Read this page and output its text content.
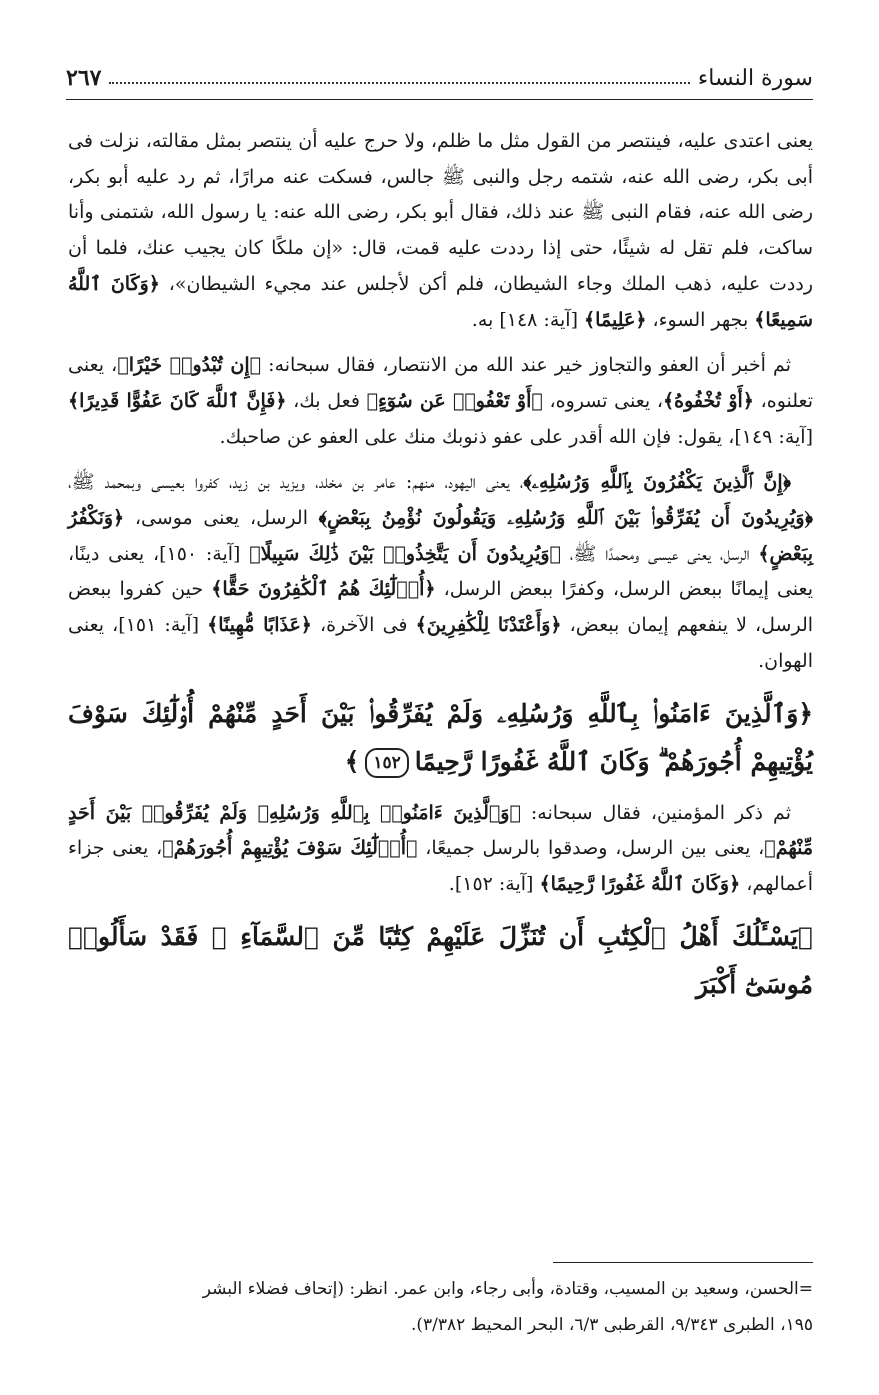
سورة النساء
٢٦٧

يعنى اعتدى عليه، فينتصر من القول مثل ما ظلم، ولا حرج عليه أن ينتصر بمثل مقالته، نزلت فى أبى بكر، رضى الله عنه، شتمه رجل والنبى ﷺ جالس، فسكت عنه مرارًا، ثم رد عليه أبو بكر، رضى الله عنه، فقام النبى ﷺ عند ذلك، فقال أبو بكر، رضى الله عنه: يا رسول الله، شتمنى وأنا ساكت، فلم تقل له شيئًا، حتى إذا رددت عليه قمت، قال: «إن ملكًا كان يجيب عنك، فلما أن رددت عليه، ذهب الملك وجاء الشيطان، فلم أكن لأجلس عند مجيء الشيطان»، ﴿وَكَانَ ٱللَّهُ سَمِيعًا﴾ بجهر السوء، ﴿عَلِيمًا﴾ [آية: ١٤٨] به.

ثم أخبر أن العفو والتجاوز خير عند الله من الانتصار، فقال سبحانه: ﴿إِن تُبْدُوا۟ خَيْرًا﴾، يعنى تعلنوه، ﴿أَوْ تُخْفُوهُ﴾، يعنى تسروه، ﴿أَوْ تَعْفُوا۟ عَن سُوٓءٍ﴾ فعل بك، ﴿فَإِنَّ ٱللَّهَ كَانَ عَفُوًّا قَدِيرًا﴾ [آية: ١٤٩]، يقول: فإن الله أقدر على عفو ذنوبك منك على العفو عن صاحبك.

﴿إِنَّ ٱلَّذِينَ يَكْفُرُونَ بِٱللَّهِ وَرُسُلِهِۦ﴾، يعنى اليهود، منهم: عامر بن مخلد، ويزيد بن زيد، كفروا بعيسى وبمحمد ﷺ، ﴿وَيُرِيدُونَ أَن يُفَرِّقُوا۟ بَيْنَ ٱللَّهِ وَرُسُلِهِۦ وَيَقُولُونَ نُؤْمِنُ بِبَعْضٍ﴾ الرسل، يعنى موسى، ﴿وَنَكْفُرُ بِبَعْضٍ﴾ الرسل، يعنى عيسى ومحمدًا ﷺ، ﴿وَيُرِيدُونَ أَن يَتَّخِذُوا۟ بَيْنَ ذَٰلِكَ سَبِيلًا﴾ [آية: ١٥٠]، يعنى دينًا، يعنى إيمانًا ببعض الرسل، وكفرًا ببعض الرسل، ﴿أُو۟لَٰٓئِكَ هُمُ ٱلْكَٰفِرُونَ حَقًّا﴾ حين كفروا ببعض الرسل، لا ينفعهم إيمان ببعض، ﴿وَأَعْتَدْنَا لِلْكَٰفِرِينَ﴾ فى الآخرة، ﴿عَذَابًا مُّهِينًا﴾ [آية: ١٥١]، يعنى الهوان.

﴿وَٱلَّذِينَ ءَامَنُوا۟ بِٱللَّهِ وَرُسُلِهِۦ وَلَمْ يُفَرِّقُوا۟ بَيْنَ أَحَدٍ مِّنْهُمْ أُو۟لَٰٓئِكَ سَوْفَ يُؤْتِيهِمْ أُجُورَهُمْ ۗ وَكَانَ ٱللَّهُ غَفُورًا رَّحِيمًا١٥٢﴾

ثم ذكر المؤمنين، فقال سبحانه: ﴿وَٱلَّذِينَ ءَامَنُوا۟ بِٱللَّهِ وَرُسُلِهِۦ وَلَمْ يُفَرِّقُوا۟ بَيْنَ أَحَدٍ مِّنْهُمْ﴾، يعنى بين الرسل، وصدقوا بالرسل جميعًا، ﴿أُو۟لَٰٓئِكَ سَوْفَ يُؤْتِيهِمْ أُجُورَهُمْ﴾، يعنى جزاء أعمالهم، ﴿وَكَانَ ٱللَّهُ غَفُورًا رَّحِيمًا﴾ [آية: ١٥٢].

﴿يَسْـَٔلُكَ أَهْلُ ٱلْكِتَٰبِ أَن تُنَزِّلَ عَلَيْهِمْ كِتَٰبًا مِّنَ ٱلسَّمَآءِ ۚ فَقَدْ سَأَلُوا۟ مُوسَىٰٓ أَكْبَرَ

=الحسن، وسعيد بن المسيب، وقتادة، وأبى رجاء، وابن عمر. انظر: (إتحاف فضلاء البشر

١٩٥، الطبرى ٩/٣٤٣، القرطبى ٦/٣، البحر المحيط ٣/٣٨٢).
